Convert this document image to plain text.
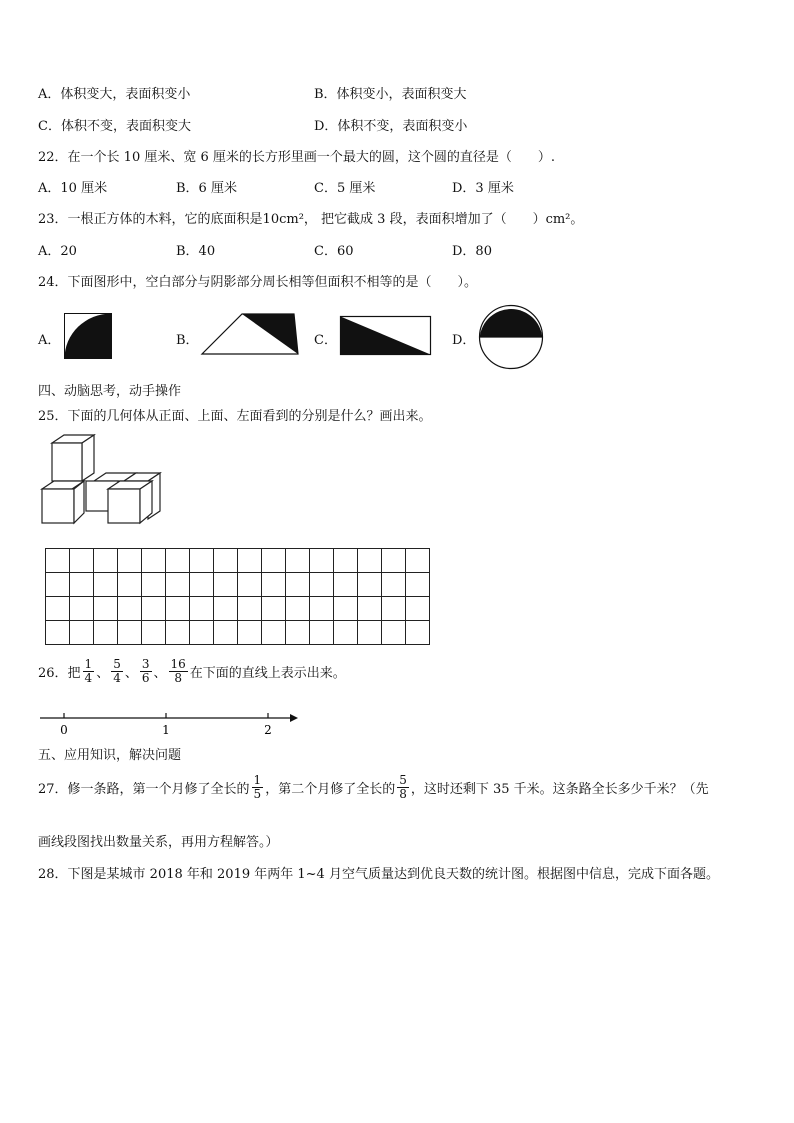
A．体积变大，表面积变小	B．体积变小，表面积变大
C．体积不变，表面积变大	D．体积不变，表面积变小
22．在一个长 10 厘米、宽 6 厘米的长方形里画一个最大的圆，这个圆的直径是（　　）.
A．10 厘米	B．6 厘米	C．5 厘米	D．3 厘米
23．一根正方体的木料，它的底面积是10cm²， 把它截成 3 段，表面积增加了（　　）cm²。
A．20	B．40	C．60	D．80
24．下面图形中，空白部分与阴影部分周长相等但面积不相等的是（　　）。
A．	B．	C．	D．
四、动脑思考，动手操作
25．下面的几何体从正面、上面、左面看到的分别是什么？画出来。
26．把 $\frac{1}{4}$ 、 $\frac{5}{4}$ 、 $\frac{3}{6}$ 、 $\frac{16}{8}$ 在下面的直线上表示出来。
0	1	2
五、应用知识，解决问题
27．修一条路，第一个月修了全长的 $\frac{1}{5}$ ，第二个月修了全长的 $\frac{5}{8}$ ，这时还剩下 35 千米。这条路全长多少千米？（先
画线段图找出数量关系，再用方程解答。）
28．下图是某城市 2018 年和 2019 年两年 1~4 月空气质量达到优良天数的统计图。根据图中信息，完成下面各题。
